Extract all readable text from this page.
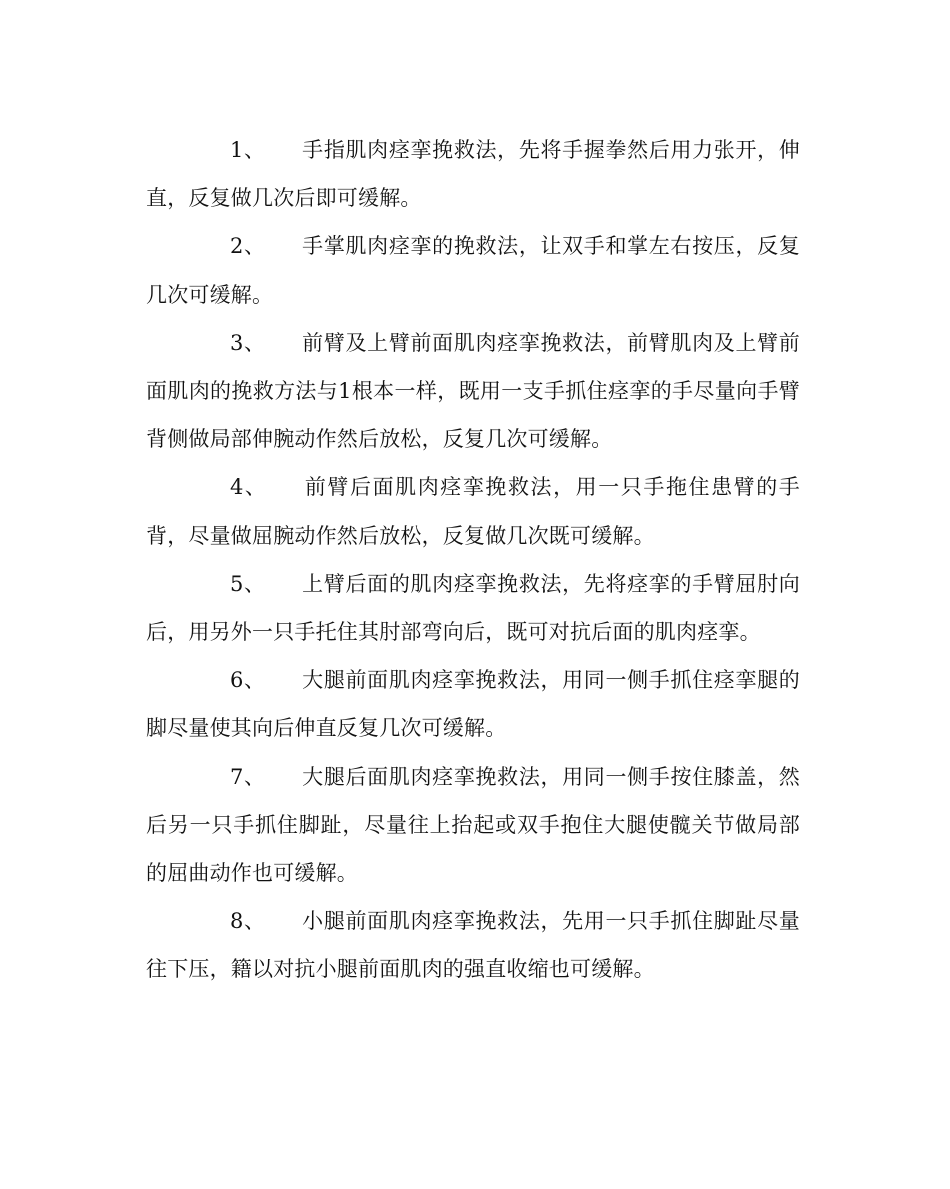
1、 手指肌肉痉挛挽救法，先将手握拳然后用力张开，伸直，反复做几次后即可缓解。

2、 手掌肌肉痉挛的挽救法，让双手和掌左右按压，反复几次可缓解。

3、 前臂及上臂前面肌肉痉挛挽救法，前臂肌肉及上臂前面肌肉的挽救方法与1根本一样，既用一支手抓住痉挛的手尽量向手臂背侧做局部伸腕动作然后放松，反复几次可缓解。

4、 前臂后面肌肉痉挛挽救法，用一只手拖住患臂的手背，尽量做屈腕动作然后放松，反复做几次既可缓解。

5、 上臂后面的肌肉痉挛挽救法，先将痉挛的手臂屈肘向后，用另外一只手托住其肘部弯向后，既可对抗后面的肌肉痉挛。

6、 大腿前面肌肉痉挛挽救法，用同一侧手抓住痉挛腿的脚尽量使其向后伸直反复几次可缓解。

7、 大腿后面肌肉痉挛挽救法，用同一侧手按住膝盖，然后另一只手抓住脚趾，尽量往上抬起或双手抱住大腿使髋关节做局部的屈曲动作也可缓解。

8、 小腿前面肌肉痉挛挽救法，先用一只手抓住脚趾尽量往下压，籍以对抗小腿前面肌肉的强直收缩也可缓解。
